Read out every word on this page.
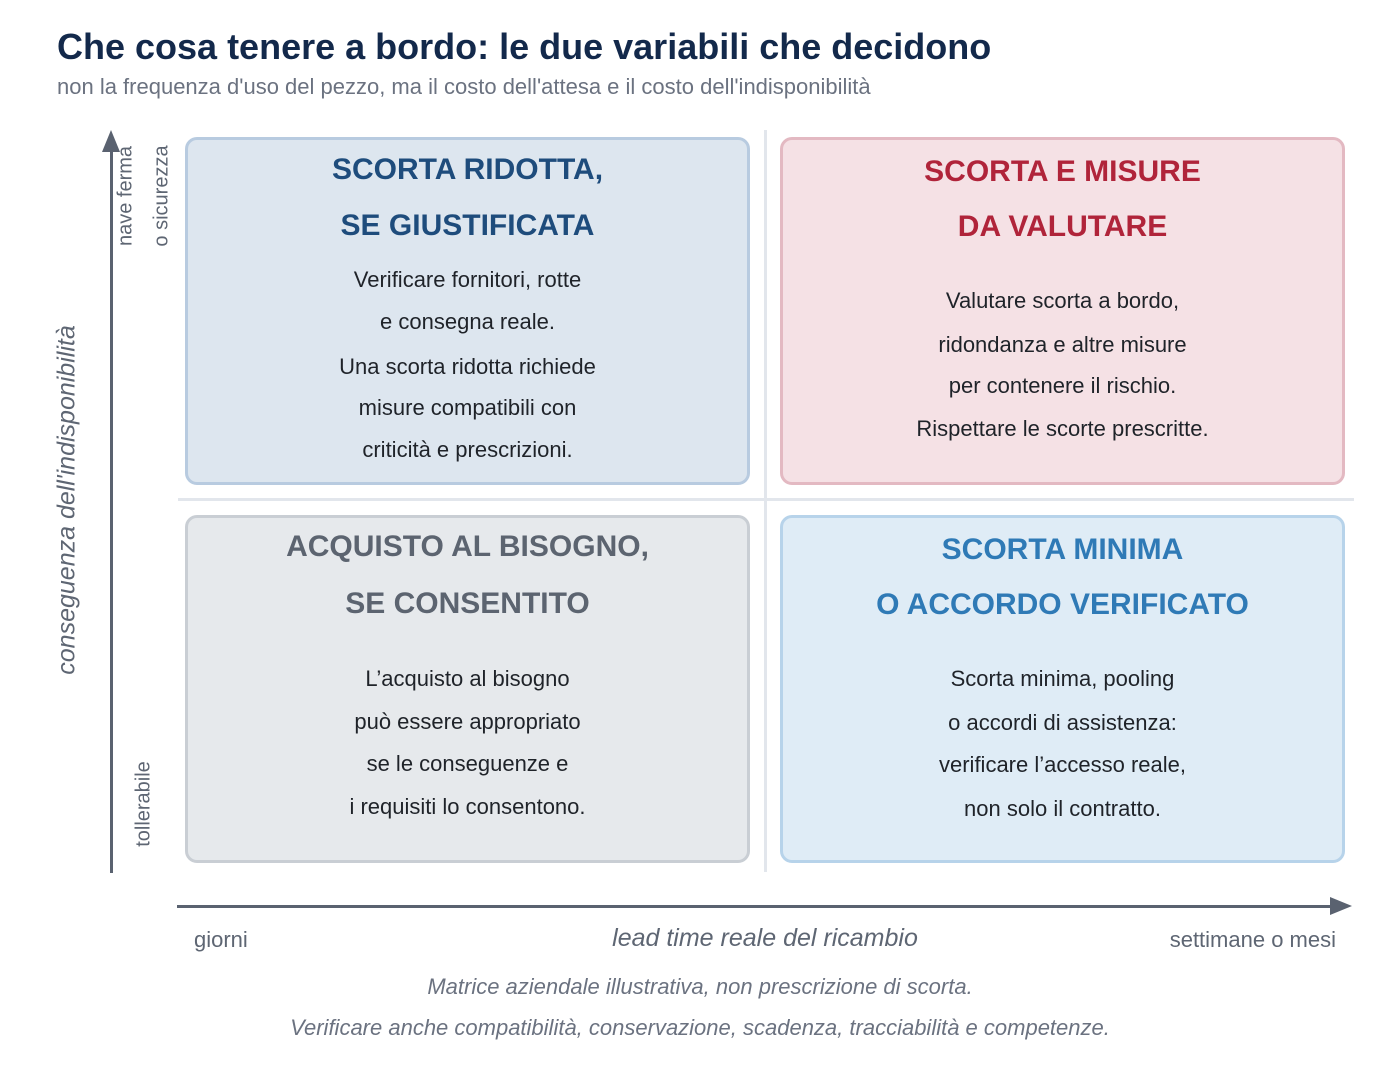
Che cosa tenere a bordo: le due variabili che decidono
non la frequenza d'uso del pezzo, ma il costo dell'attesa e il costo dell'indisponibilità
conseguenza dell'indisponibilità
nave ferma o sicurezza
tollerabile
giorni	lead time reale del ricambio	settimane o mesi
SCORTA RIDOTTA,
SE GIUSTIFICATA
Verificare fornitori, rotte
e consegna reale.
Una scorta ridotta richiede
misure compatibili con
criticità e prescrizioni.
SCORTA E MISURE
DA VALUTARE
Valutare scorta a bordo,
ridondanza e altre misure
per contenere il rischio.
Rispettare le scorte prescritte.
ACQUISTO AL BISOGNO,
SE CONSENTITO
L’acquisto al bisogno
può essere appropriato
se le conseguenze e
i requisiti lo consentono.
SCORTA MINIMA
O ACCORDO VERIFICATO
Scorta minima, pooling
o accordi di assistenza:
verificare l’accesso reale,
non solo il contratto.
Matrice aziendale illustrativa, non prescrizione di scorta.
Verificare anche compatibilità, conservazione, scadenza, tracciabilità e competenze.
